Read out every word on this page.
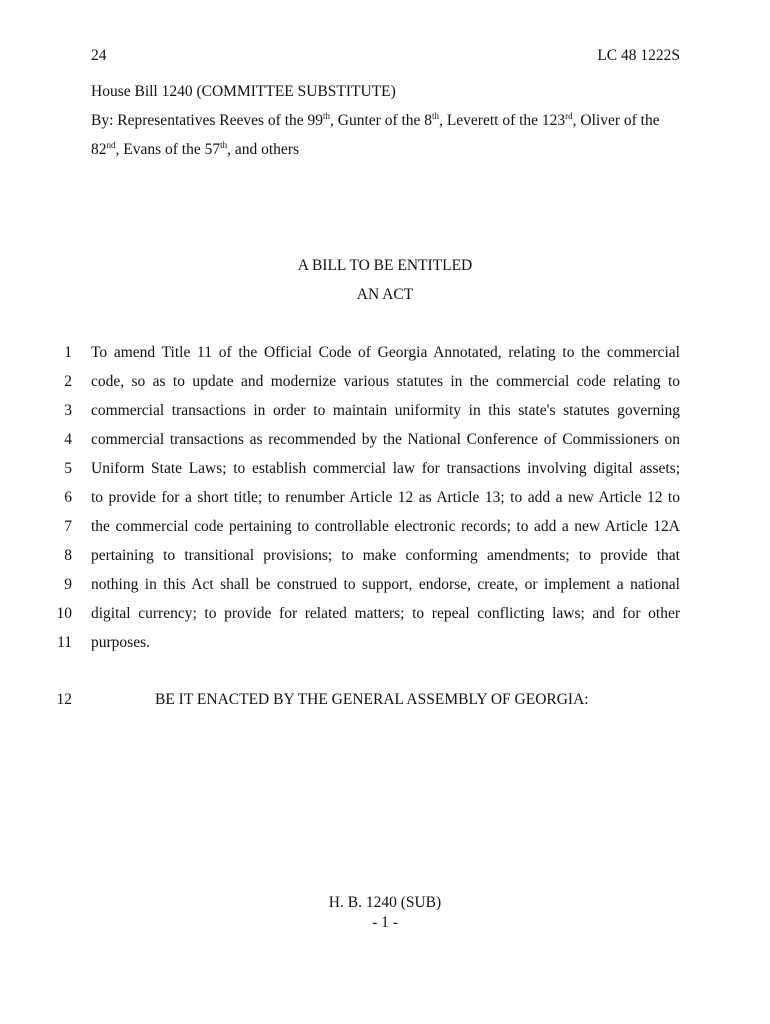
24	LC 48 1222S
House Bill 1240 (COMMITTEE SUBSTITUTE)
By: Representatives Reeves of the 99th, Gunter of the 8th, Leverett of the 123rd, Oliver of the
82nd, Evans of the 57th, and others
A BILL TO BE ENTITLED
AN ACT
1 To amend Title 11 of the Official Code of Georgia Annotated, relating to the commercial
2 code, so as to update and modernize various statutes in the commercial code relating to
3 commercial transactions in order to maintain uniformity in this state's statutes governing
4 commercial transactions as recommended by the National Conference of Commissioners on
5 Uniform State Laws; to establish commercial law for transactions involving digital assets;
6 to provide for a short title; to renumber Article 12 as Article 13; to add a new Article 12 to
7 the commercial code pertaining to controllable electronic records; to add a new Article 12A
8 pertaining to transitional provisions; to make conforming amendments; to provide that
9 nothing in this Act shall be construed to support, endorse, create, or implement a national
10 digital currency; to provide for related matters; to repeal conflicting laws; and for other
11 purposes.
12	BE IT ENACTED BY THE GENERAL ASSEMBLY OF GEORGIA:
H. B. 1240 (SUB)
- 1 -
